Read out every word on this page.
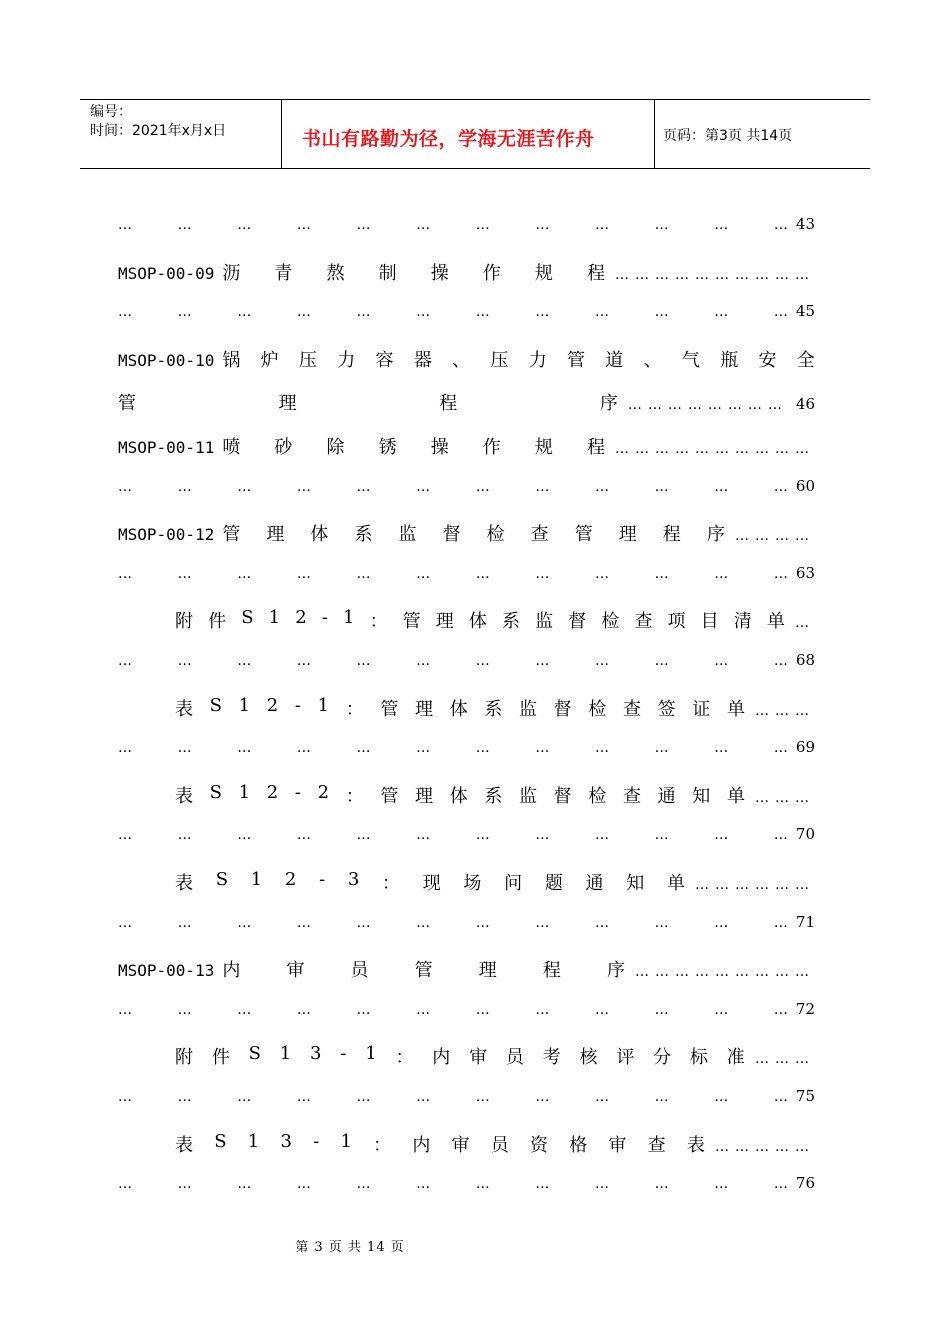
编号：
时间：2021年x月x日	书山有路勤为径，学海无涯苦作舟	页码：第3页 共14页
…	…	…	…	…	…	…	…	…	…	…	… 43
MSOP-00-09 沥 青 熬 制 操 作 规 程 …………………………
…	…	…	…	…	…	…	…	…	…	…	… 45
MSOP-00-10 锅 炉 压 力 容 器 、 压 力 管 道 、 气 瓶 安 全
管	理	程	序 …………………… 46
MSOP-00-11 喷 砂 除 锈 操 作 规 程 …………………………
…	…	…	…	…	…	…	…	…	…	…	… 60
MSOP-00-12 管 理 体 系 监 督 检 查 管 理 程 序 …………
…	…	…	…	…	…	…	…	…	…	…	… 63
附 件 S 1 2 - 1 ： 管 理 体 系 监 督 检 查 项 目 清 单 …
…	…	…	…	…	…	…	…	…	…	…	… 68
表 S 1 2 - 1 ： 管 理 体 系 监 督 检 查 签 证 单 ………
…	…	…	…	…	…	…	…	…	…	…	… 69
表 S 1 2 - 2 ： 管 理 体 系 监 督 检 查 通 知 单 ………
…	…	…	…	…	…	…	…	…	…	…	… 70
表 S 1 2 - 3 ： 现 场 问 题 通 知 单 ………………
…	…	…	…	…	…	…	…	…	…	…	… 71
MSOP-00-13 内	审	员	管	理	程	序 ………………………
…	…	…	…	…	…	…	…	…	…	…	… 72
附 件 S 1 3 - 1 ： 内 审 员 考 核 评 分 标 准 ………
…	…	…	…	…	…	…	…	…	…	…	… 75
表 S 1 3 - 1 ： 内 审 员 资 格 审 查 表 ……………
…	…	…	…	…	…	…	…	…	…	…	… 76
第 3 页 共 14 页
